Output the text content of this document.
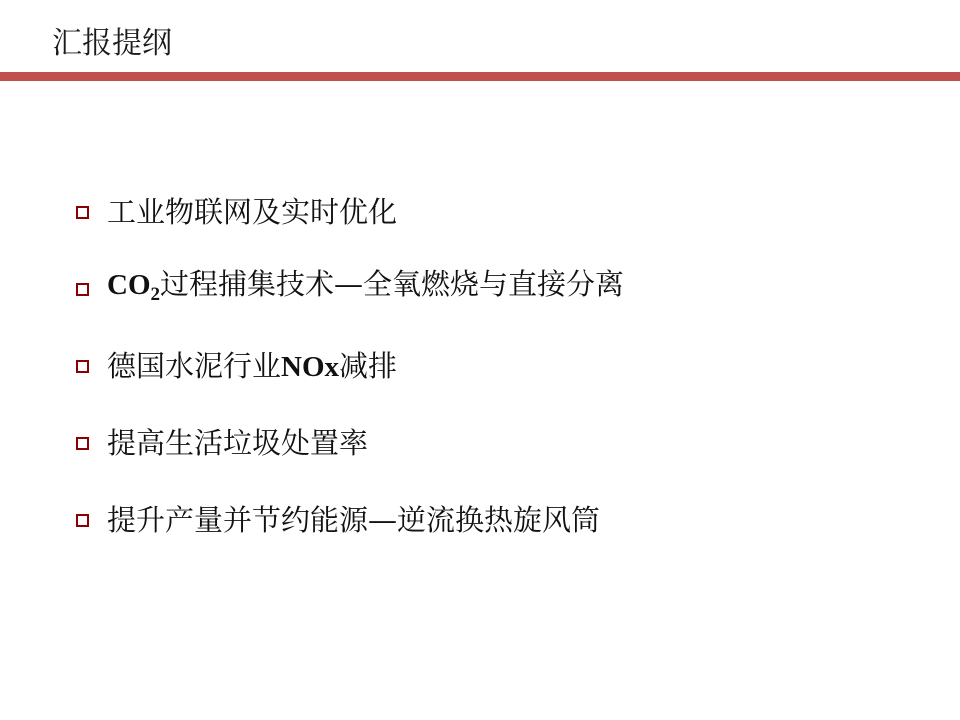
汇报提纲
工业物联网及实时优化
$CO_2$过程捕集技术—全氧燃烧与直接分离
德国水泥行业NOx减排
提高生活垃圾处置率
提升产量并节约能源—逆流换热旋风筒
